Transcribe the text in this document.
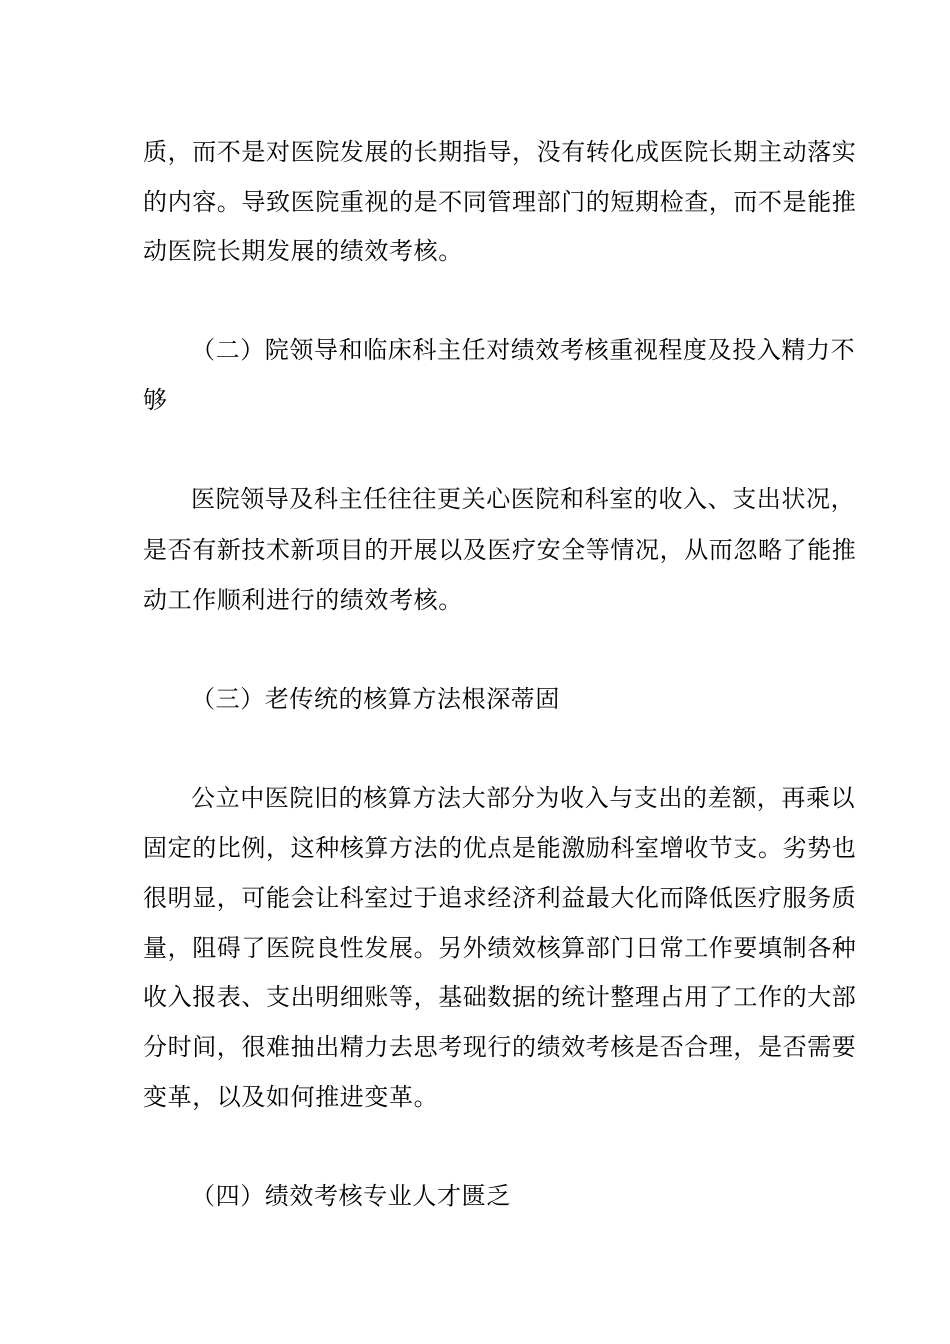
质，而不是对医院发展的长期指导，没有转化成医院长期主动落实
的内容。导致医院重视的是不同管理部门的短期检查，而不是能推
动医院长期发展的绩效考核。
（二）院领导和临床科主任对绩效考核重视程度及投入精力不
够
医院领导及科主任往往更关心医院和科室的收入、支出状况，
是否有新技术新项目的开展以及医疗安全等情况，从而忽略了能推
动工作顺利进行的绩效考核。
（三）老传统的核算方法根深蒂固
公立中医院旧的核算方法大部分为收入与支出的差额，再乘以
固定的比例，这种核算方法的优点是能激励科室增收节支。劣势也
很明显，可能会让科室过于追求经济利益最大化而降低医疗服务质
量，阻碍了医院良性发展。另外绩效核算部门日常工作要填制各种
收入报表、支出明细账等，基础数据的统计整理占用了工作的大部
分时间，很难抽出精力去思考现行的绩效考核是否合理，是否需要
变革，以及如何推进变革。
（四）绩效考核专业人才匮乏
